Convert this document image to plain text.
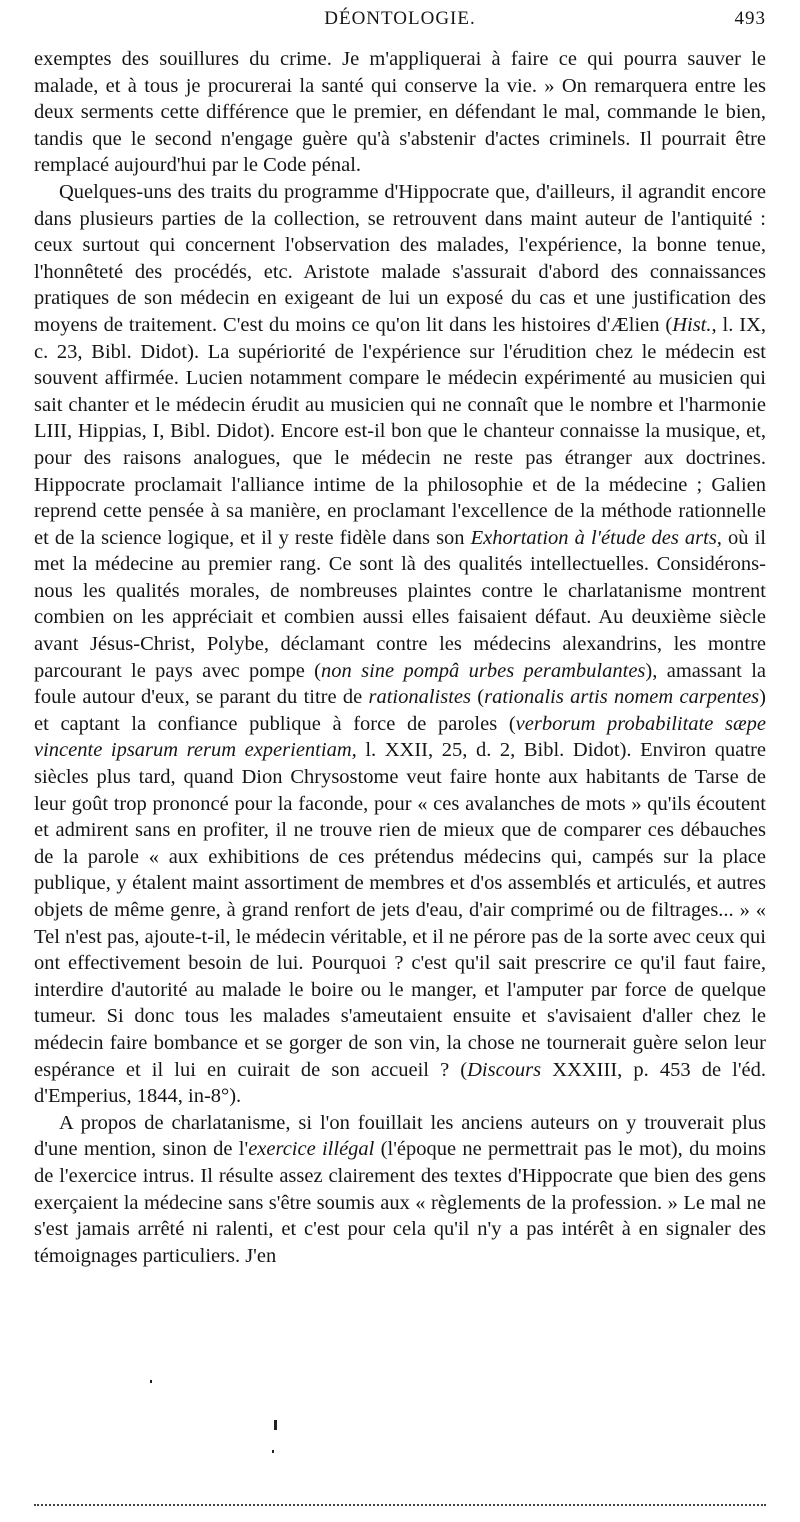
DÉONTOLOGIE.	493

exemptes des souillures du crime. Je m'appliquerai à faire ce qui pourra sauver le malade, et à tous je procurerai la santé qui conserve la vie. » On remarquera entre les deux serments cette différence que le premier, en défendant le mal, commande le bien, tandis que le second n'engage guère qu'à s'abstenir d'actes criminels. Il pourrait être remplacé aujourd'hui par le Code pénal.

Quelques-uns des traits du programme d'Hippocrate que, d'ailleurs, il agrandit encore dans plusieurs parties de la collection, se retrouvent dans maint auteur de l'antiquité : ceux surtout qui concernent l'observation des malades, l'expérience, la bonne tenue, l'honnêteté des procédés, etc. Aristote malade s'assurait d'abord des connaissances pratiques de son médecin en exigeant de lui un exposé du cas et une justification des moyens de traitement. C'est du moins ce qu'on lit dans les histoires d'Ælien (Hist., l. IX, c. 23, Bibl. Didot). La supériorité de l'expérience sur l'érudition chez le médecin est souvent affirmée. Lucien notamment compare le médecin expérimenté au musicien qui sait chanter et le médecin érudit au musicien qui ne connaît que le nombre et l'harmonie LIII, Hippias, I, Bibl. Didot). Encore est-il bon que le chanteur connaisse la musique, et, pour des raisons analogues, que le médecin ne reste pas étranger aux doctrines. Hippocrate proclamait l'alliance intime de la philosophie et de la médecine ; Galien reprend cette pensée à sa manière, en proclamant l'excellence de la méthode rationnelle et de la science logique, et il y reste fidèle dans son Exhortation à l'étude des arts, où il met la médecine au premier rang. Ce sont là des qualités intellectuelles. Considérons-nous les qualités morales, de nombreuses plaintes contre le charlatanisme montrent combien on les appréciait et combien aussi elles faisaient défaut. Au deuxième siècle avant Jésus-Christ, Polybe, déclamant contre les médecins alexandrins, les montre parcourant le pays avec pompe (non sine pompâ urbes perambulantes), amassant la foule autour d'eux, se parant du titre de rationalistes (rationalis artis nomem carpentes) et captant la confiance publique à force de paroles (verborum probabilitate sæpe vincente ipsarum rerum experientiam, l. XXII, 25, d. 2, Bibl. Didot). Environ quatre siècles plus tard, quand Dion Chrysostome veut faire honte aux habitants de Tarse de leur goût trop prononcé pour la faconde, pour « ces avalanches de mots » qu'ils écoutent et admirent sans en profiter, il ne trouve rien de mieux que de comparer ces débauches de la parole « aux exhibitions de ces prétendus médecins qui, campés sur la place publique, y étalent maint assortiment de membres et d'os assemblés et articulés, et autres objets de même genre, à grand renfort de jets d'eau, d'air comprimé ou de filtrages... » « Tel n'est pas, ajoute-t-il, le médecin véritable, et il ne pérore pas de la sorte avec ceux qui ont effectivement besoin de lui. Pourquoi ? c'est qu'il sait prescrire ce qu'il faut faire, interdire d'autorité au malade le boire ou le manger, et l'amputer par force de quelque tumeur. Si donc tous les malades s'ameutaient ensuite et s'avisaient d'aller chez le médecin faire bombance et se gorger de son vin, la chose ne tournerait guère selon leur espérance et il lui en cuirait de son accueil ? (Discours XXXIII, p. 453 de l'éd. d'Emperius, 1844, in-8°).

A propos de charlatanisme, si l'on fouillait les anciens auteurs on y trouverait plus d'une mention, sinon de l'exercice illégal (l'époque ne permettrait pas le mot), du moins de l'exercice intrus. Il résulte assez clairement des textes d'Hippocrate que bien des gens exerçaient la médecine sans s'être soumis aux « règlements de la profession. » Le mal ne s'est jamais arrêté ni ralenti, et c'est pour cela qu'il n'y a pas intérêt à en signaler des témoignages particuliers. J'en
